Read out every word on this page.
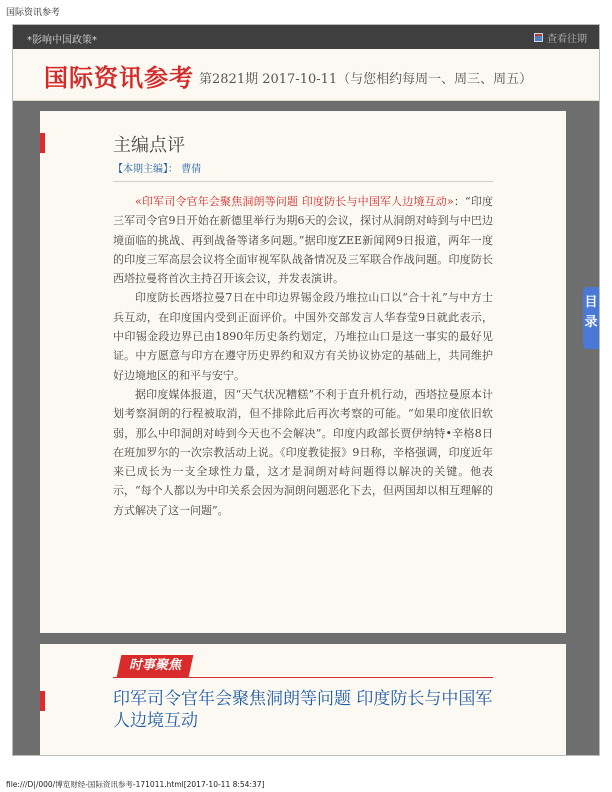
国际资讯参考
*影响中国政策*	查看往期
国际资讯参考 第2821期 2017-10-11（与您相约每周一、周三、周五）
主编点评
【本期主编】： 曹倩

«印军司令官年会聚焦洞朗等问题 印度防长与中国军人边境互动»：“印度三军司令官9日开始在新德里举行为期6天的会议，探讨从洞朗对峙到与中巴边境面临的挑战、再到战备等诸多问题。”据印度ZEE新闻网9日报道，两年一度的印度三军高层会议将全面审视军队战备情况及三军联合作战问题。印度防长西塔拉曼将首次主持召开该会议，并发表演讲。

印度防长西塔拉曼7日在中印边界锡金段乃堆拉山口以“合十礼”与中方士兵互动，在印度国内受到正面评价。中国外交部发言人华春莹9日就此表示，中印锡金段边界已由1890年历史条约划定，乃堆拉山口是这一事实的最好见证。中方愿意与印方在遵守历史界约和双方有关协议协定的基础上，共同维护好边境地区的和平与安宁。

据印度媒体报道，因“天气状况糟糕”不利于直升机行动，西塔拉曼原本计划考察洞朗的行程被取消，但不排除此后再次考察的可能。“如果印度依旧软弱，那么中印洞朗对峙到今天也不会解决”。印度内政部长贾伊纳特•辛格8日在班加罗尔的一次宗教活动上说。《印度教徒报》9日称，辛格强调，印度近年来已成长为一支全球性力量，这才是洞朗对峙问题得以解决的关键。他表示，“每个人都以为中印关系会因为洞朗问题恶化下去，但两国却以相互理解的方式解决了这一问题”。

时事聚焦
印军司令官年会聚焦洞朗等问题 印度防长与中国军人边境互动
目录
file:///D|/000/博览财经-国际资讯参考-171011.html[2017-10-11 8:54:37]
